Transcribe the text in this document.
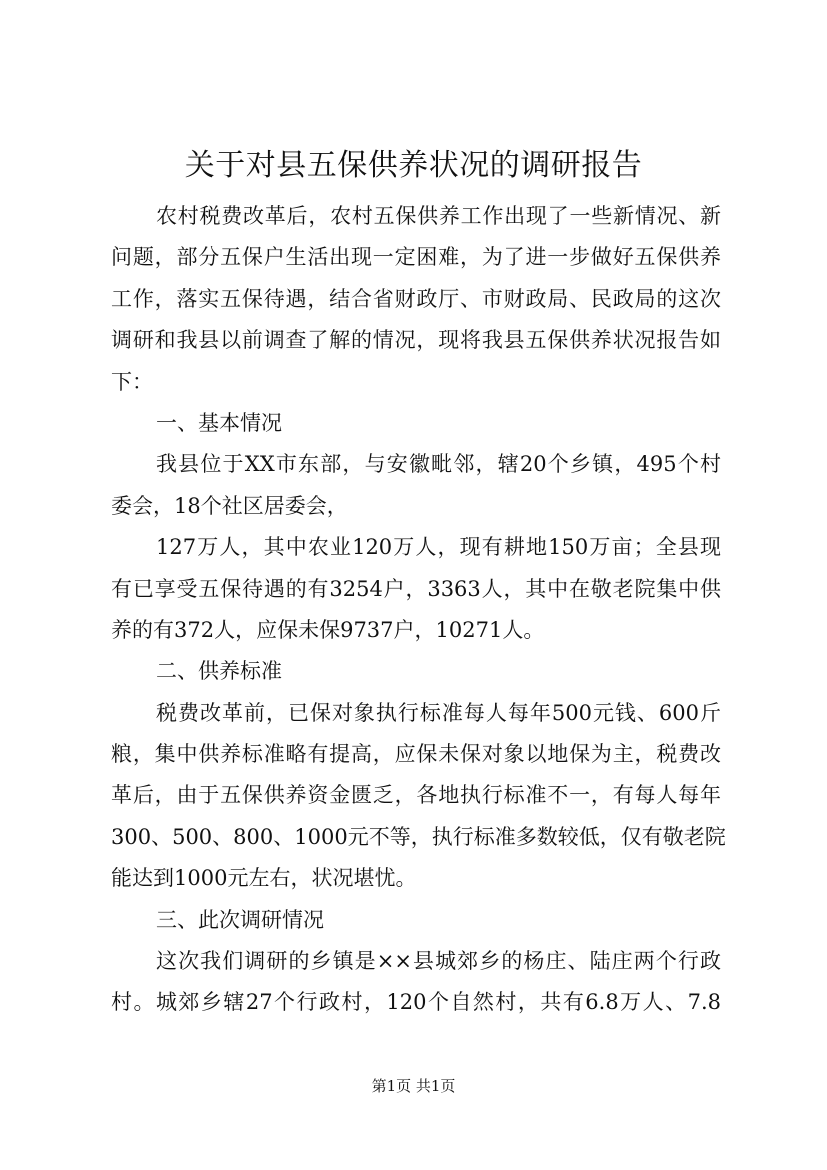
关于对县五保供养状况的调研报告
农村税费改革后，农村五保供养工作出现了一些新情况、新
问题，部分五保户生活出现一定困难，为了进一步做好五保供养
工作，落实五保待遇，结合省财政厅、市财政局、民政局的这次
调研和我县以前调查了解的情况，现将我县五保供养状况报告如
下：
一、基本情况
我县位于XX市东部，与安徽毗邻，辖20个乡镇，495个村
委会，18个社区居委会，
127万人，其中农业120万人，现有耕地150万亩；全县现
有已享受五保待遇的有3254户，3363人，其中在敬老院集中供
养的有372人，应保未保9737户，10271人。
二、供养标准
税费改革前，已保对象执行标准每人每年500元钱、600斤
粮，集中供养标准略有提高，应保未保对象以地保为主，税费改
革后，由于五保供养资金匮乏，各地执行标准不一，有每人每年
300、500、800、1000元不等，执行标准多数较低，仅有敬老院
能达到1000元左右，状况堪忧。
三、此次调研情况
这次我们调研的乡镇是××县城郊乡的杨庄、陆庄两个行政
村。城郊乡辖27个行政村，120个自然村，共有6.8万人、7.8
第1页 共1页
